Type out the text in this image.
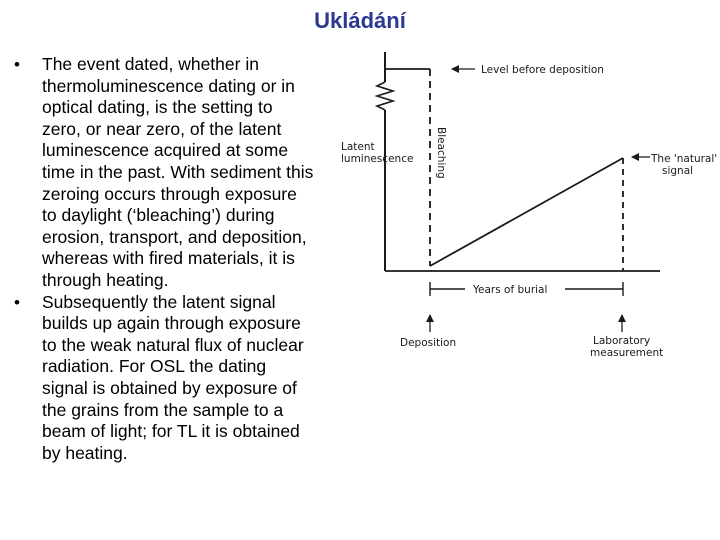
Ukládání
•	The event dated, whether in thermoluminescence dating or in optical dating, is the setting to zero, or near zero, of the latent luminescence acquired at some time in the past. With sediment this zeroing occurs through exposure to daylight (‘bleaching’) during erosion, transport, and deposition, whereas with fired materials, it is through heating.
•	Subsequently the latent signal builds up again through exposure to the weak natural flux of nuclear radiation. For OSL the dating signal is obtained by exposure of the grains from the sample to a beam of light; for TL it is obtained by heating.
Level before deposition
Latent
luminescence Bleaching	The 'natural'
signal
Years of burial
Deposition	Laboratory
measurement
